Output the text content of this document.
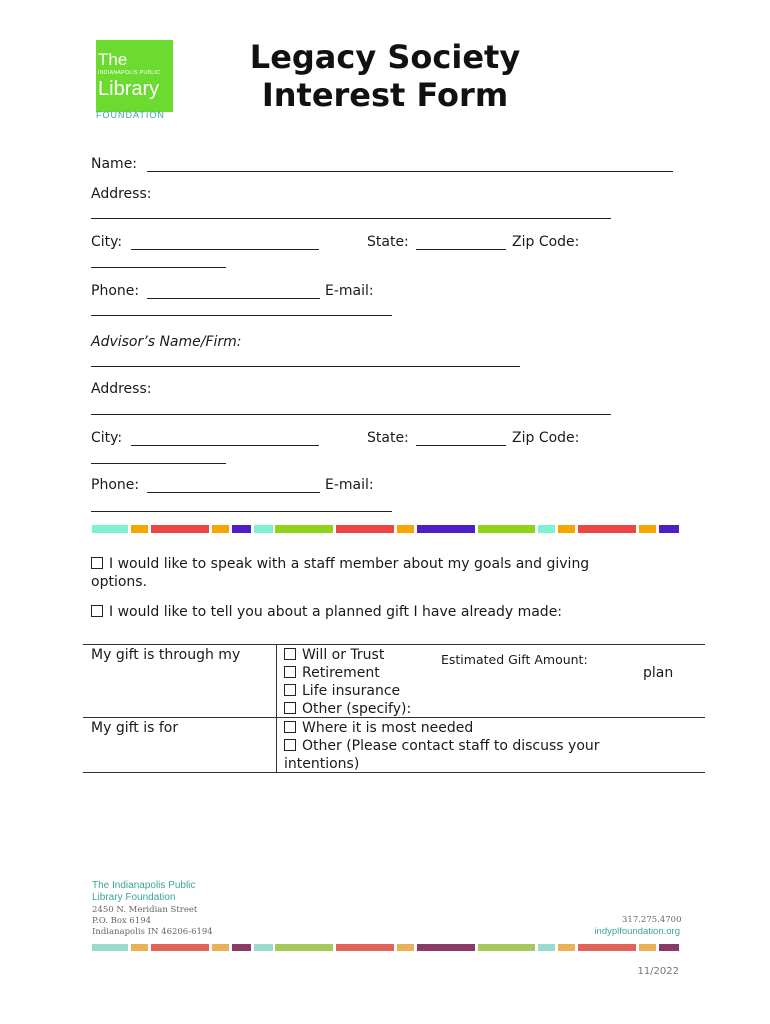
The
INDIANAPOLIS PUBLIC
Library
FOUNDATION
Legacy Society
Interest Form
Name:
Address:
City:	State:	Zip Code:
Phone:	E-mail:
Advisor’s Name/Firm:
Address:
City:	State:	Zip Code:
Phone:	E-mail:
I would like to speak with a staff member about my goals and giving
options.
I would like to tell you about a planned gift I have already made:
My gift is through my	Will or Trust
Retirement
Life insurance
Other (specify):
Estimated Gift Amount:
plan
My gift is for	Where it is most needed
Other (Please contact staff to discuss your
intentions)
The Indianapolis Public
Library Foundation
2450 N. Meridian Street
P.O. Box 6194
Indianapolis IN 46206-6194
317.275.4700
indyplfoundation.org
11/2022
